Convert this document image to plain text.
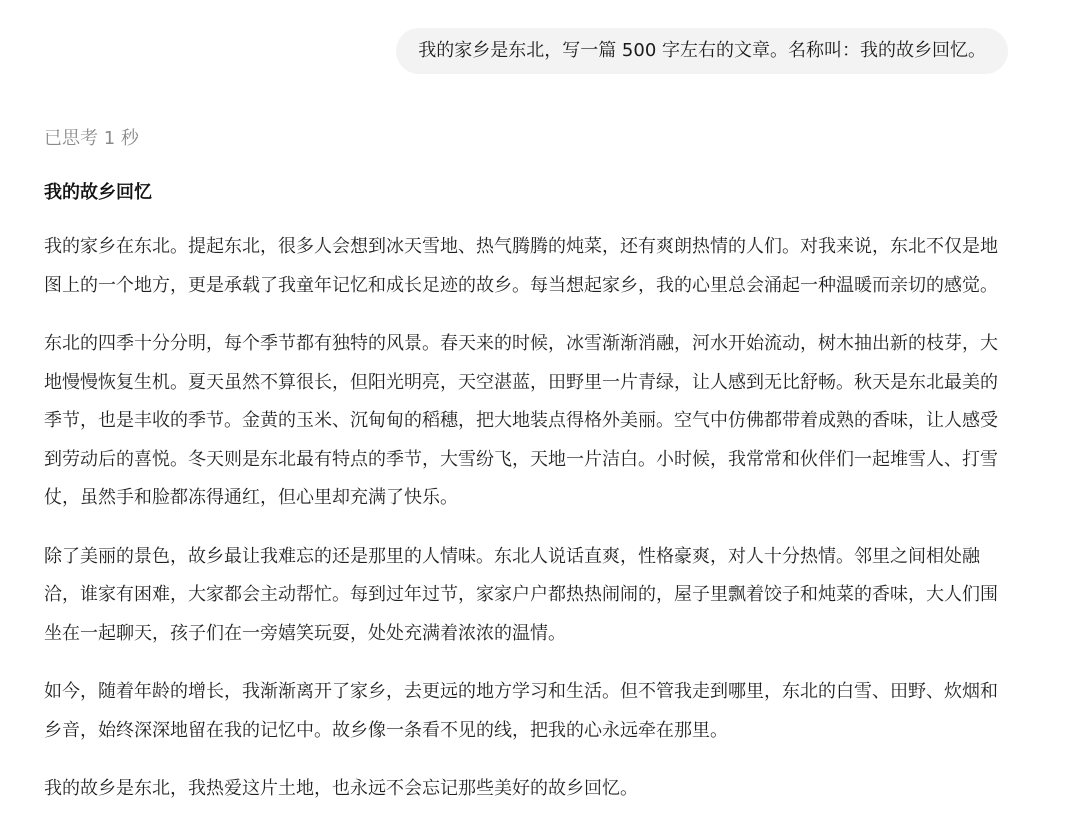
我的家乡是东北，写一篇 500 字左右的文章。名称叫：我的故乡回忆。

已思考 1 秒

我的故乡回忆

我的家乡在东北。提起东北，很多人会想到冰天雪地、热气腾腾的炖菜，还有爽朗热情的人们。对我来说，东北不仅是地图上的一个地方，更是承载了我童年记忆和成长足迹的故乡。每当想起家乡，我的心里总会涌起一种温暖而亲切的感觉。

东北的四季十分分明，每个季节都有独特的风景。春天来的时候，冰雪渐渐消融，河水开始流动，树木抽出新的枝芽，大地慢慢恢复生机。夏天虽然不算很长，但阳光明亮，天空湛蓝，田野里一片青绿，让人感到无比舒畅。秋天是东北最美的季节，也是丰收的季节。金黄的玉米、沉甸甸的稻穗，把大地装点得格外美丽。空气中仿佛都带着成熟的香味，让人感受到劳动后的喜悦。冬天则是东北最有特点的季节，大雪纷飞，天地一片洁白。小时候，我常常和伙伴们一起堆雪人、打雪仗，虽然手和脸都冻得通红，但心里却充满了快乐。

除了美丽的景色，故乡最让我难忘的还是那里的人情味。东北人说话直爽，性格豪爽，对人十分热情。邻里之间相处融洽，谁家有困难，大家都会主动帮忙。每到过年过节，家家户户都热热闹闹的，屋子里飘着饺子和炖菜的香味，大人们围坐在一起聊天，孩子们在一旁嬉笑玩耍，处处充满着浓浓的温情。

如今，随着年龄的增长，我渐渐离开了家乡，去更远的地方学习和生活。但不管我走到哪里，东北的白雪、田野、炊烟和乡音，始终深深地留在我的记忆中。故乡像一条看不见的线，把我的心永远牵在那里。

我的故乡是东北，我热爱这片土地，也永远不会忘记那些美好的故乡回忆。
